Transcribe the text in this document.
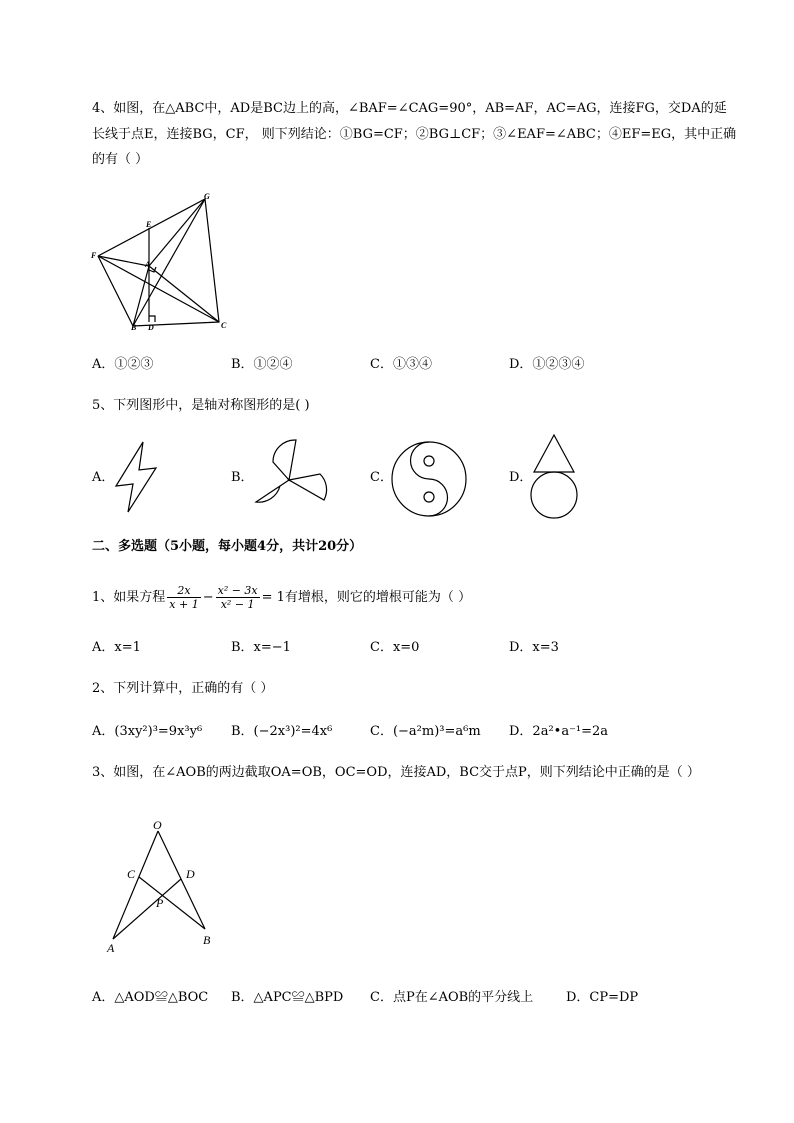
4、如图，在△ABC中，AD是BC边上的高，∠BAF=∠CAG=90°，AB=AF，AC=AG，连接FG，交DA的延
长线于点E，连接BG，CF， 则下列结论：①BG=CF；②BG⊥CF；③∠EAF=∠ABC；④EF=EG，其中正确
的有（ ）
G
E
F
A
B D	C
A．①②③	B．①②④	C．①③④	D．①②③④
5、下列图形中，是轴对称图形的是( )
A．	B．	C．	D．
二、多选题（5小题，每小题4分，共计20分）
1、如果方程 $\frac{2x}{x + 1} - \frac{\text{x² − 3x}}{\text{x² − 1}} = 1$有增根，则它的增根可能为（ ）
A．x=1	B．x=−1	C．x=0	D．x=3
2、下列计算中，正确的有（ ）
A．(3xy²)³=9x³y⁶ B．(−2x³)²=4x⁶	C．(−a²m)³=a⁶m D．2a²•a⁻¹=2a
3、如图，在∠AOB的两边截取OA=OB，OC=OD，连接AD，BC交于点P，则下列结论中正确的是（ ）
O
C	D
P
A
B
A．△AOD≌△BOC B．△APC≌△BPD C．点P在∠AOB的平分线上	D．CP=DP
